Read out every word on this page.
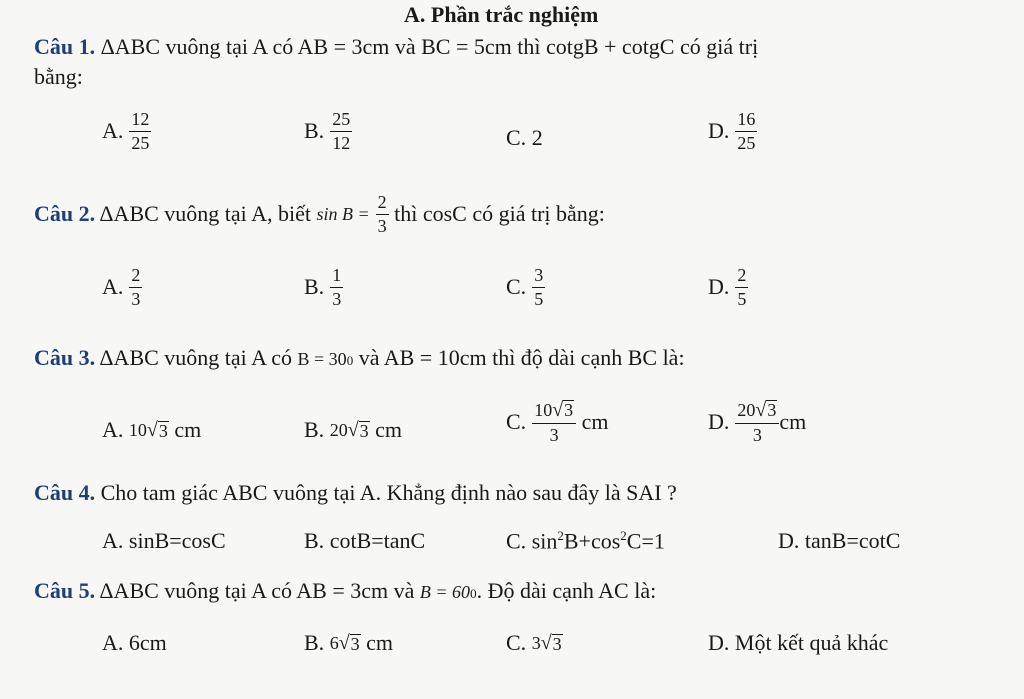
A. Phần trắc nghiệm
Câu 1. ΔABC vuông tại A có AB = 3cm và BC = 5cm thì cotgB + cotgC có giá trị
bằng:
A. $\frac{12}{25}$	B. $\frac{25}{12}$	C.
2	D. $\frac{16}{25}$
Câu 2. ΔABC vuông tại A, biết $\sin B = \frac{2}{3}$ thì cosC có giá trị bằng:
A. $\frac{2}{3}$	B. $\frac{1}{3}$	C. $\frac{3}{5}$	D. $\frac{2}{5}$
Câu 3. ΔABC vuông tại A có B = 30 0 và AB = 10cm thì độ dài cạnh BC là:
A.
10 √ 3 cm	B.
20 √ 3 cm	C. $\frac{10√3}{3}$ cm	D. $\frac{20√3}{3}$ cm
Câu 4. Cho tam giác ABC vuông tại A. Khẳng định nào sau đây là SAI ?
A.
sinB=cosC	B.
cotB=tanC	C. $\sin^2B+\cos^2C=1$	D.
tanB=cotC
Câu 5. ΔABC vuông tại A có AB = 3cm và B = 60 0 . Độ dài cạnh AC là:
A.
6cm	B.
6 √ 3 cm	C.
3 √ 3	D.
Một kết quả khác
